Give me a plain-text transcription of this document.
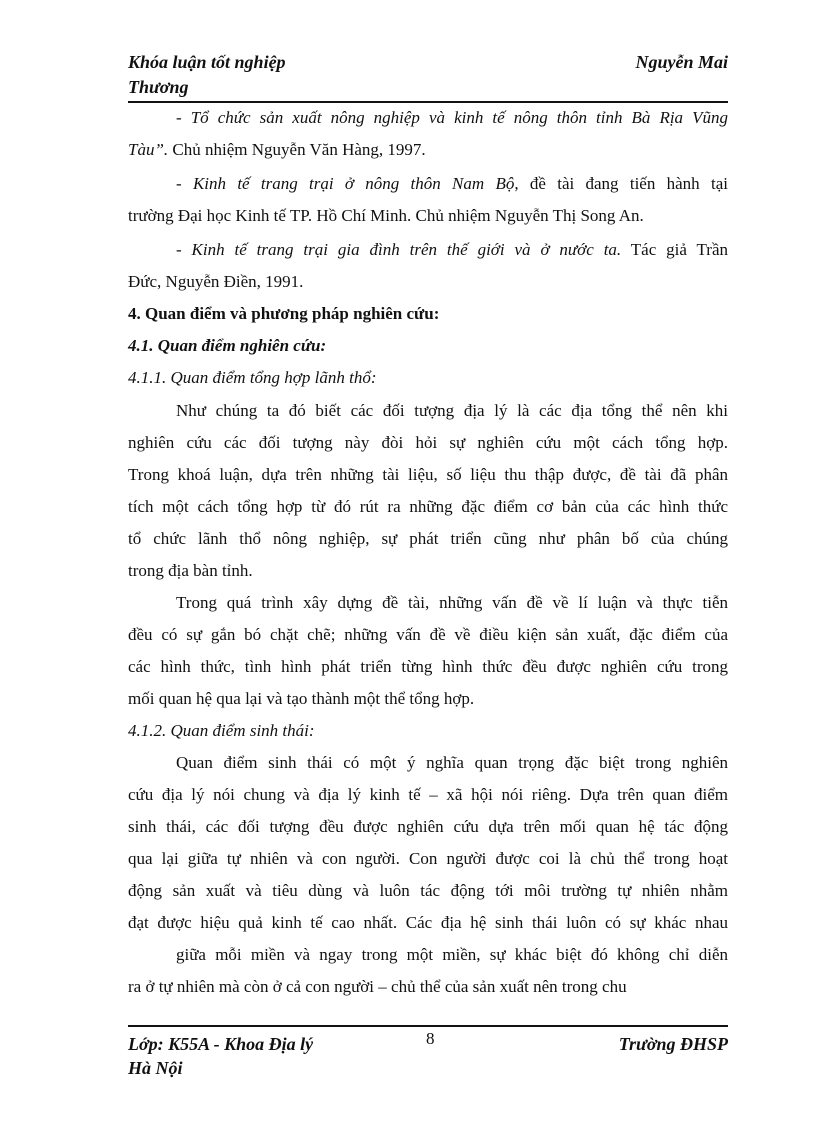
Khóa luận tốt nghiệp
Thương
Nguyễn Mai
- Tổ chức sản xuất nông nghiệp và kinh tế nông thôn tỉnh Bà Rịa Vũng
Tàu”. Chủ nhiệm Nguyễn Văn Hàng, 1997.
- Kinh tế trang trại ở nông thôn Nam Bộ, đề tài đang tiến hành tại
trường Đại học Kinh tế TP. Hồ Chí Minh. Chủ nhiệm Nguyễn Thị Song An.
- Kinh tế trang trại gia đình trên thế giới và ở nước ta. Tác giả Trần
Đức, Nguyễn Điền, 1991.
4. Quan điểm và phương pháp nghiên cứu:
4.1. Quan điểm nghiên cứu:
4.1.1. Quan điểm tổng hợp lãnh thổ:
Như chúng ta đó biết các đối tượng địa lý là các địa tổng thể nên khi
nghiên cứu các đối tượng này đòi hỏi sự nghiên cứu một cách tổng hợp.
Trong khoá luận, dựa trên những tài liệu, số liệu thu thập được, đề tài đã phân
tích một cách tổng hợp từ đó rút ra những đặc điểm cơ bản của các hình thức
tổ chức lãnh thổ nông nghiệp, sự phát triển cũng như phân bố của chúng
trong địa bàn tỉnh.
Trong quá trình xây dựng đề tài, những vấn đề về lí luận và thực tiễn
đều có sự gắn bó chặt chẽ; những vấn đề về điều kiện sản xuất, đặc điểm của
các hình thức, tình hình phát triển từng hình thức đều được nghiên cứu trong
mối quan hệ qua lại và tạo thành một thể tổng hợp.
4.1.2. Quan điểm sinh thái:
Quan điểm sinh thái có một ý nghĩa quan trọng đặc biệt trong nghiên
cứu địa lý nói chung và địa lý kinh tế – xã hội nói riêng. Dựa trên quan điểm
sinh thái, các đối tượng đều được nghiên cứu dựa trên mối quan hệ tác động
qua lại giữa tự nhiên và con người. Con người được coi là chủ thể trong hoạt
động sản xuất và tiêu dùng và luôn tác động tới môi trường tự nhiên nhằm
đạt được hiệu quả kinh tế cao nhất. Các địa hệ sinh thái luôn có sự khác nhau
giữa mỗi miền và ngay trong một miền, sự khác biệt đó không chỉ diễn
ra ở tự nhiên mà còn ở cả con người – chủ thể của sản xuất nên trong chu
Lớp: K55A - Khoa Địa lý
Hà Nội
8	Trường ĐHSP
